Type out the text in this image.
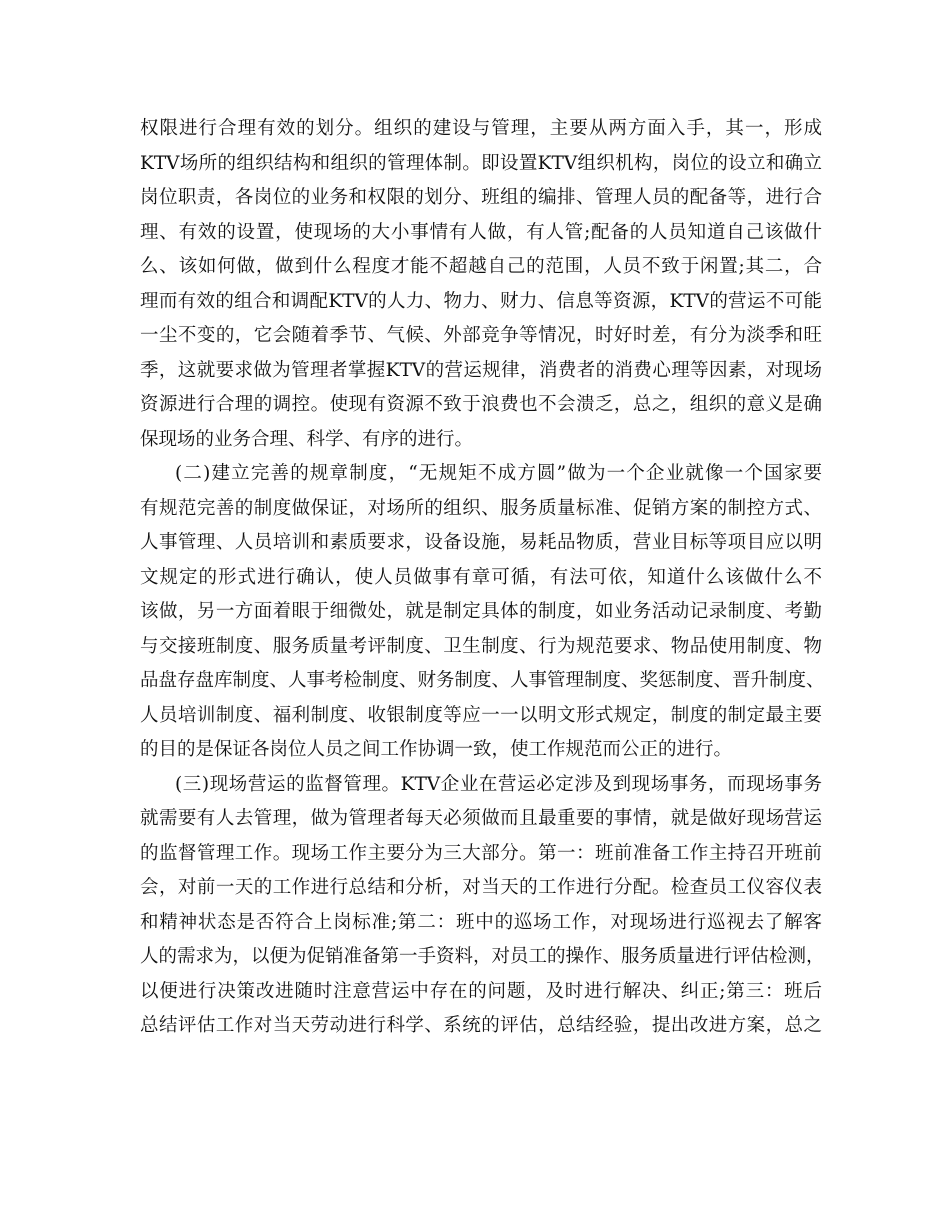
权限进行合理有效的划分。组织的建设与管理，主要从两方面入手，其一，形成
KTV场所的组织结构和组织的管理体制。即设置KTV组织机构，岗位的设立和确立
岗位职责，各岗位的业务和权限的划分、班组的编排、管理人员的配备等，进行合
理、有效的设置，使现场的大小事情有人做，有人管;配备的人员知道自己该做什
么、该如何做，做到什么程度才能不超越自己的范围，人员不致于闲置;其二，合
理而有效的组合和调配KTV的人力、物力、财力、信息等资源，KTV的营运不可能
一尘不变的，它会随着季节、气候、外部竞争等情况，时好时差，有分为淡季和旺
季，这就要求做为管理者掌握KTV的营运规律，消费者的消费心理等因素，对现场
资源进行合理的调控。使现有资源不致于浪费也不会溃乏，总之，组织的意义是确
保现场的业务合理、科学、有序的进行。
(二)建立完善的规章制度，“无规矩不成方圆”做为一个企业就像一个国家要
有规范完善的制度做保证，对场所的组织、服务质量标准、促销方案的制控方式、
人事管理、人员培训和素质要求，设备设施，易耗品物质，营业目标等项目应以明
文规定的形式进行确认，使人员做事有章可循，有法可依，知道什么该做什么不
该做，另一方面着眼于细微处，就是制定具体的制度，如业务活动记录制度、考勤
与交接班制度、服务质量考评制度、卫生制度、行为规范要求、物品使用制度、物
品盘存盘库制度、人事考检制度、财务制度、人事管理制度、奖惩制度、晋升制度、
人员培训制度、福利制度、收银制度等应一一以明文形式规定，制度的制定最主要
的目的是保证各岗位人员之间工作协调一致，使工作规范而公正的进行。
(三)现场营运的监督管理。KTV企业在营运必定涉及到现场事务，而现场事务
就需要有人去管理，做为管理者每天必须做而且最重要的事情，就是做好现场营运
的监督管理工作。现场工作主要分为三大部分。第一：班前准备工作主持召开班前
会，对前一天的工作进行总结和分析，对当天的工作进行分配。检查员工仪容仪表
和精神状态是否符合上岗标准;第二：班中的巡场工作，对现场进行巡视去了解客
人的需求为，以便为促销准备第一手资料，对员工的操作、服务质量进行评估检测，
以便进行决策改进随时注意营运中存在的问题，及时进行解决、纠正;第三：班后
总结评估工作对当天劳动进行科学、系统的评估，总结经验，提出改进方案，总之
